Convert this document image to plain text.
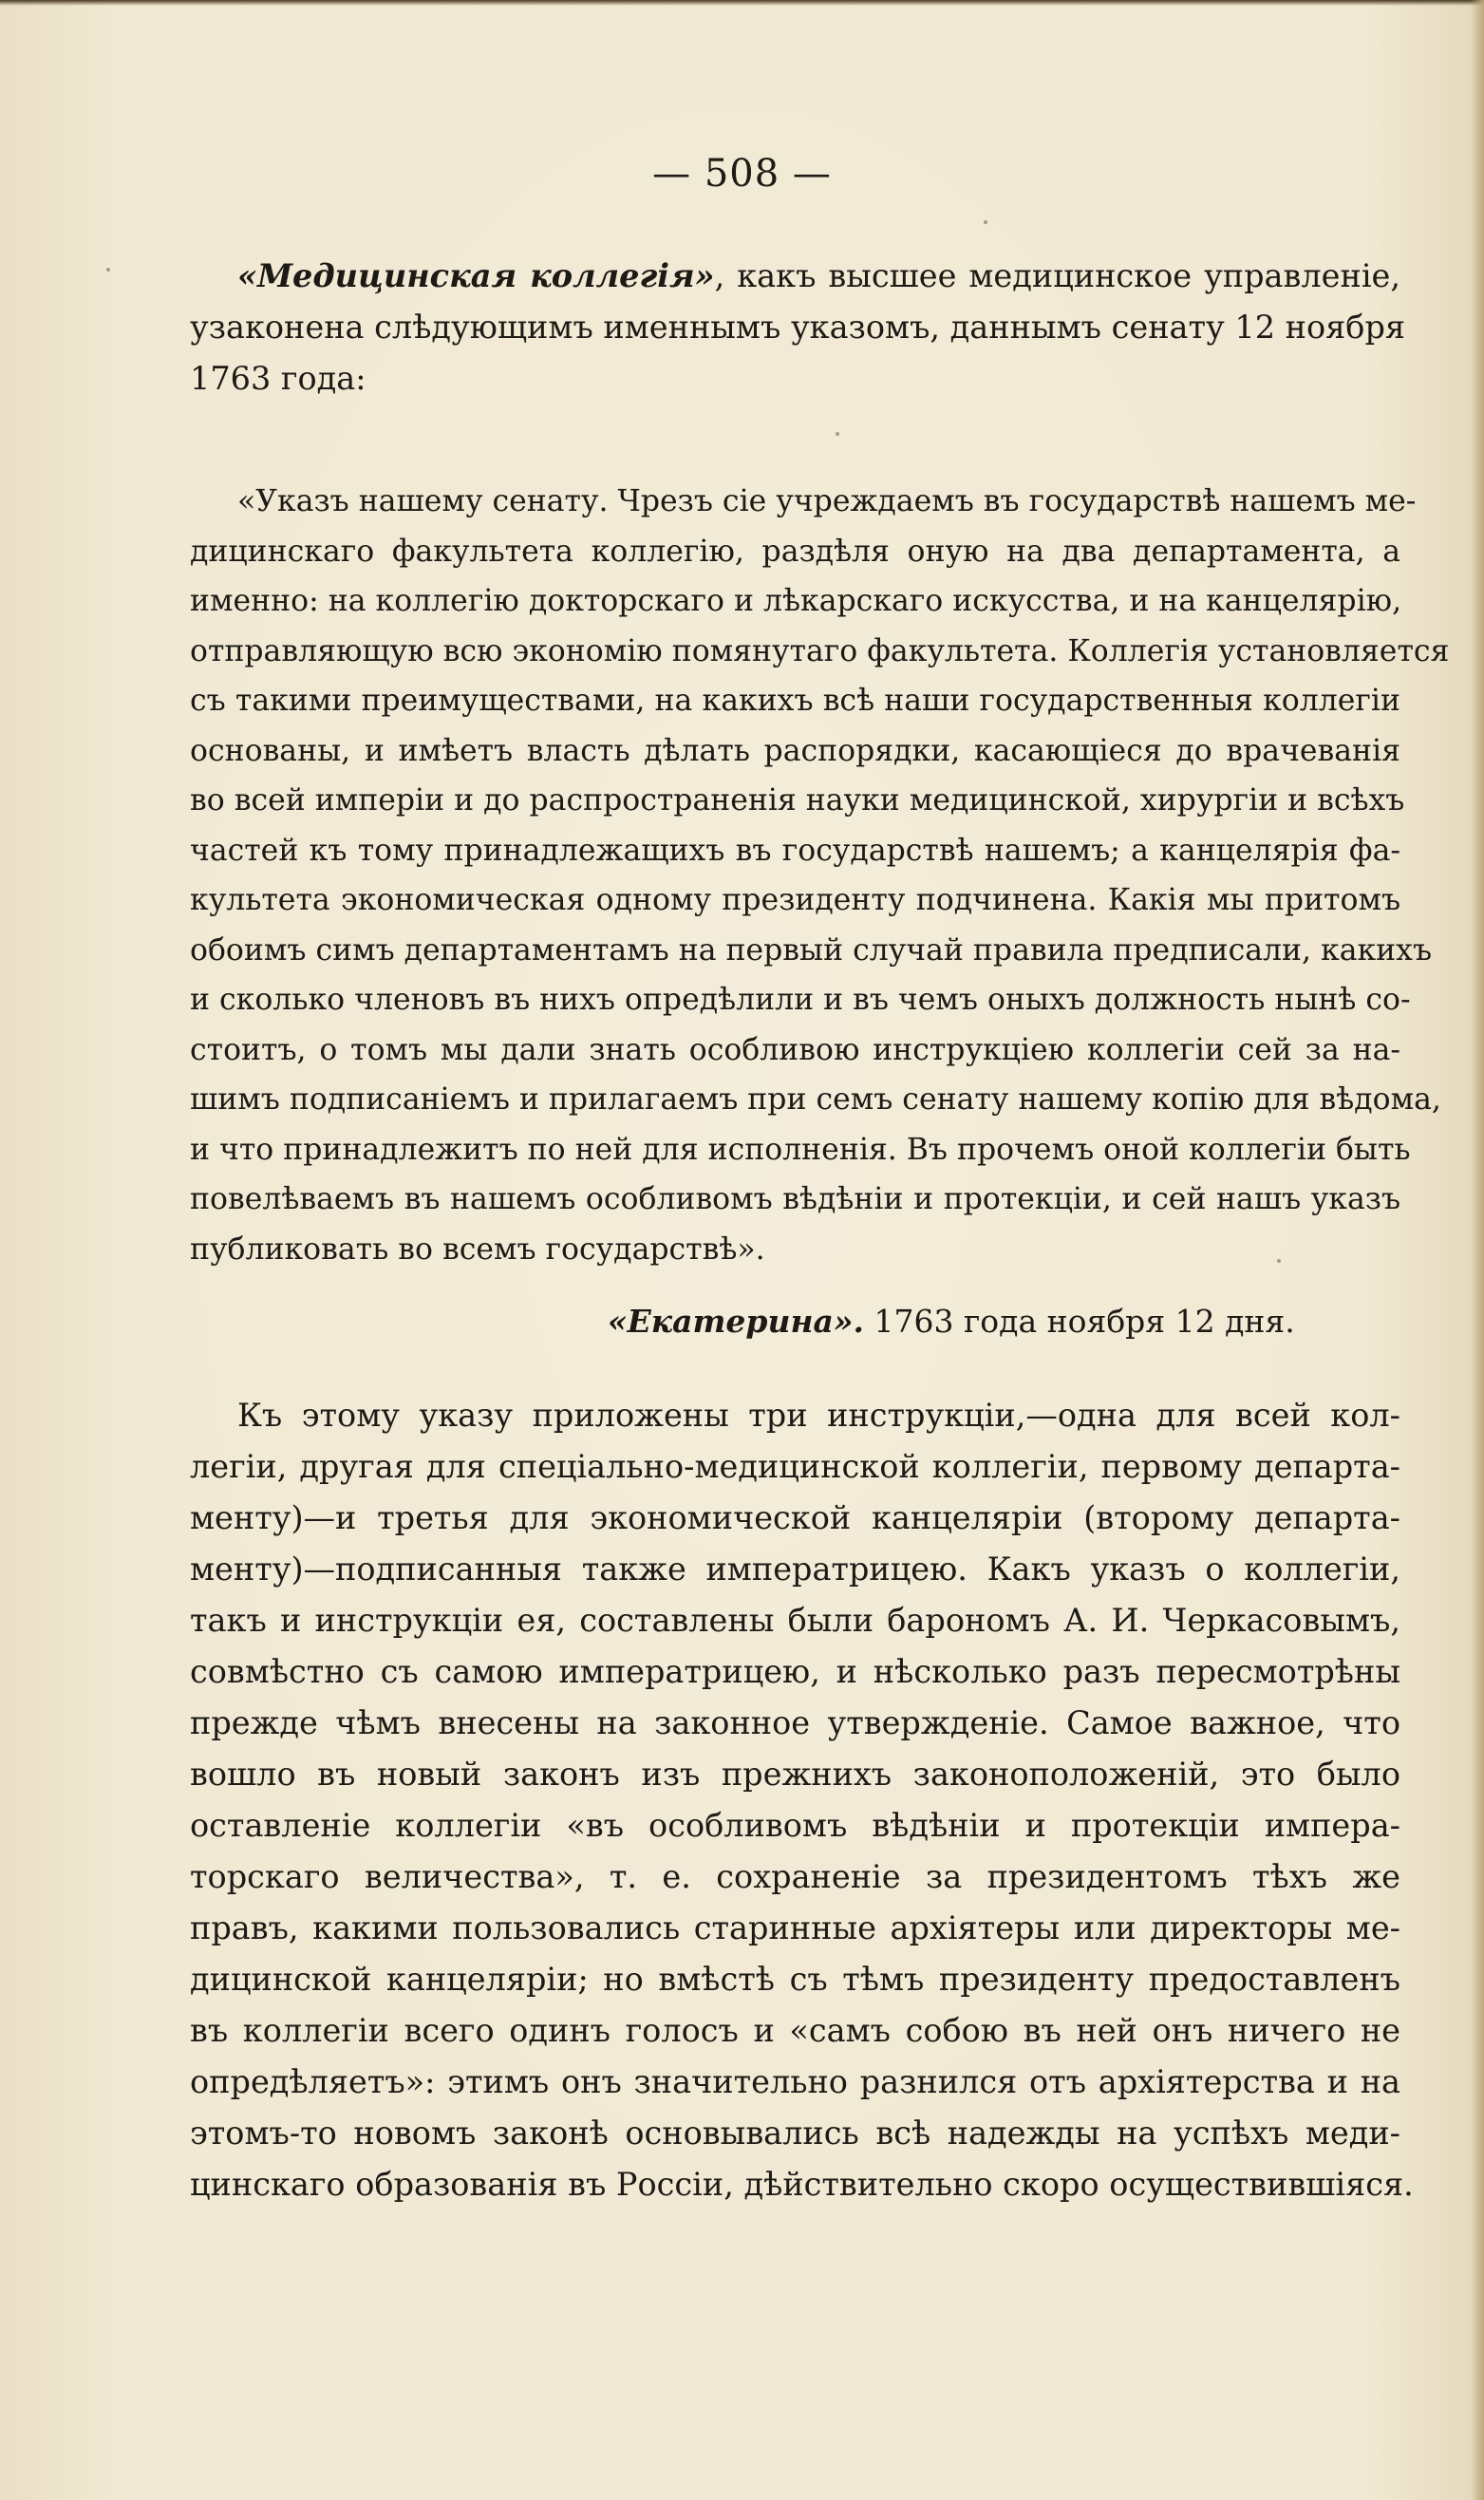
— 508 —
«Медицинская коллегія», какъ высшее медицинское управленіе,
узаконена слѣдующимъ именнымъ указомъ, даннымъ сенату 12 ноября
1763 года:
«Указъ нашему сенату. Чрезъ сіе учреждаемъ въ государствѣ нашемъ ме-
дицинскаго факультета коллегію, раздѣля оную на два департамента, а
именно: на коллегію докторскаго и лѣкарскаго искусства, и на канцелярію,
отправляющую всю экономію помянутаго факультета. Коллегія установляется
съ такими преимуществами, на какихъ всѣ наши государственныя коллегіи
основаны, и имѣетъ власть дѣлать распорядки, касающіеся до врачеванія
во всей имперіи и до распространенія науки медицинской, хирургіи и всѣхъ
частей къ тому принадлежащихъ въ государствѣ нашемъ; а канцелярія фа-
культета экономическая одному президенту подчинена. Какія мы притомъ
обоимъ симъ департаментамъ на первый случай правила предписали, какихъ
и сколько членовъ въ нихъ опредѣлили и въ чемъ оныхъ должность нынѣ со-
стоитъ, о томъ мы дали знать особливою инструкціею коллегіи сей за на-
шимъ подписаніемъ и прилагаемъ при семъ сенату нашему копію для вѣдома,
и что принадлежитъ по ней для исполненія. Въ прочемъ оной коллегіи быть
повелѣваемъ въ нашемъ особливомъ вѣдѣніи и протекціи, и сей нашъ указъ
публиковать во всемъ государствѣ».
«Екатерина». 1763 года ноября 12 дня.
Къ этому указу приложены три инструкціи,—одна для всей кол-
легіи, другая для спеціально-медицинской коллегіи, первому департа-
менту)—и третья для экономической канцеляріи (второму департа-
менту)—подписанныя также императрицею. Какъ указъ о коллегіи,
такъ и инструкціи ея, составлены были барономъ А. И. Черкасовымъ,
совмѣстно съ самою императрицею, и нѣсколько разъ пересмотрѣны
прежде чѣмъ внесены на законное утвержденіе. Самое важное, что
вошло въ новый законъ изъ прежнихъ законоположеній, это было
оставленіе коллегіи «въ особливомъ вѣдѣніи и протекціи импера-
торскаго величества», т. е. сохраненіе за президентомъ тѣхъ же
правъ, какими пользовались старинные архіятеры или директоры ме-
дицинской канцеляріи; но вмѣстѣ съ тѣмъ президенту предоставленъ
въ коллегіи всего одинъ голосъ и «самъ собою въ ней онъ ничего не
опредѣляетъ»: этимъ онъ значительно разнился отъ архіятерства и на
этомъ-то новомъ законѣ основывались всѣ надежды на успѣхъ меди-
цинскаго образованія въ Россіи, дѣйствительно скоро осуществившіяся.
